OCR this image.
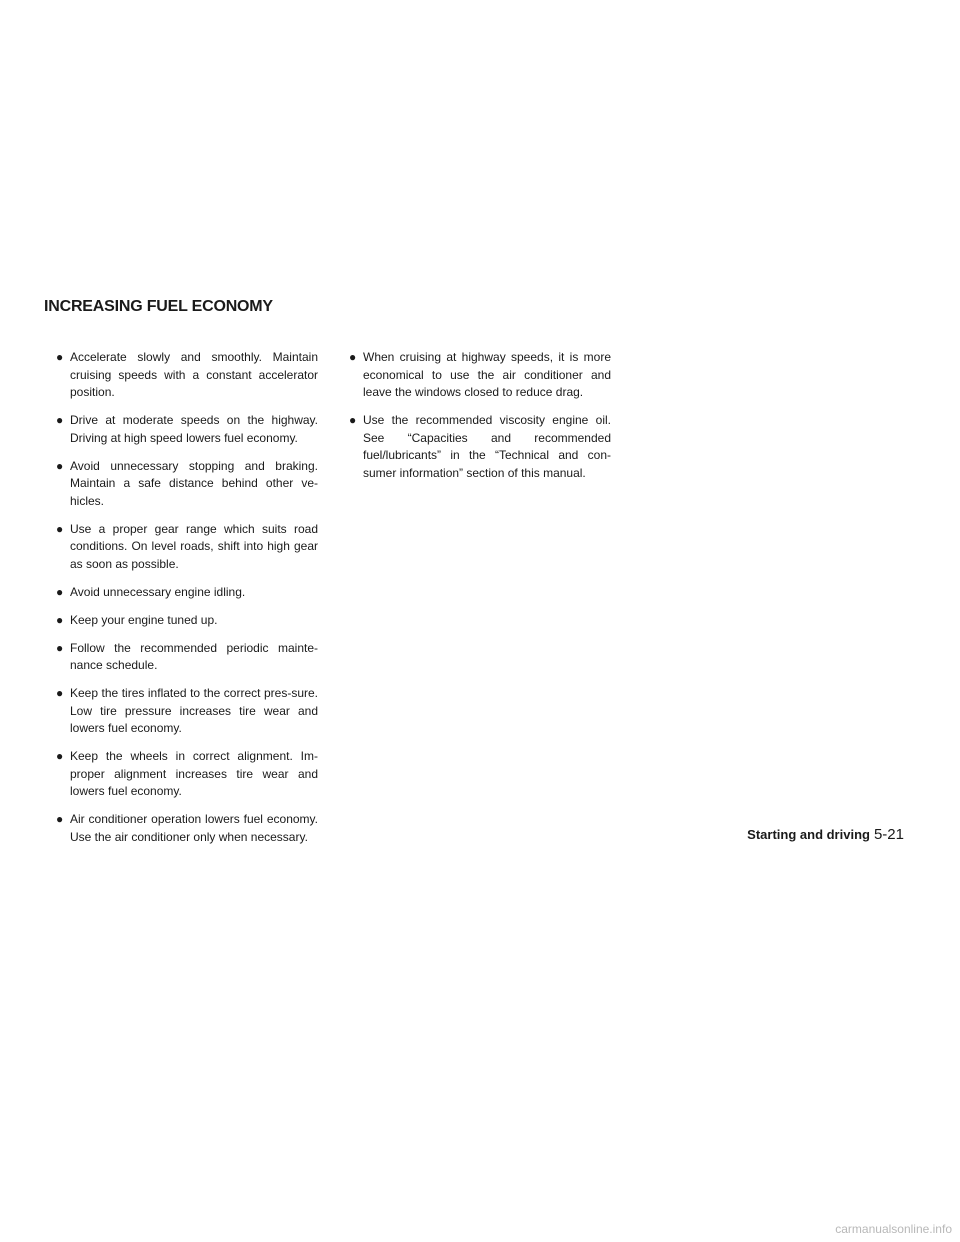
INCREASING FUEL ECONOMY
● Accelerate slowly and smoothly. Maintain cruising speeds with a constant accelerator position.
● Drive at moderate speeds on the highway. Driving at high speed lowers fuel economy.
● Avoid unnecessary stopping and braking. Maintain a safe distance behind other ve-hicles.
● Use a proper gear range which suits road conditions. On level roads, shift into high gear as soon as possible.
● Avoid unnecessary engine idling.
● Keep your engine tuned up.
● Follow the recommended periodic mainte-nance schedule.
● Keep the tires inflated to the correct pres-sure. Low tire pressure increases tire wear and lowers fuel economy.
● Keep the wheels in correct alignment. Im-proper alignment increases tire wear and lowers fuel economy.
● Air conditioner operation lowers fuel economy. Use the air conditioner only when necessary.
● When cruising at highway speeds, it is more economical to use the air conditioner and leave the windows closed to reduce drag.
● Use the recommended viscosity engine oil. See “Capacities and recommended fuel/lubricants” in the “Technical and con-sumer information” section of this manual.
Starting and driving 5-21
carmanualsonline.info
